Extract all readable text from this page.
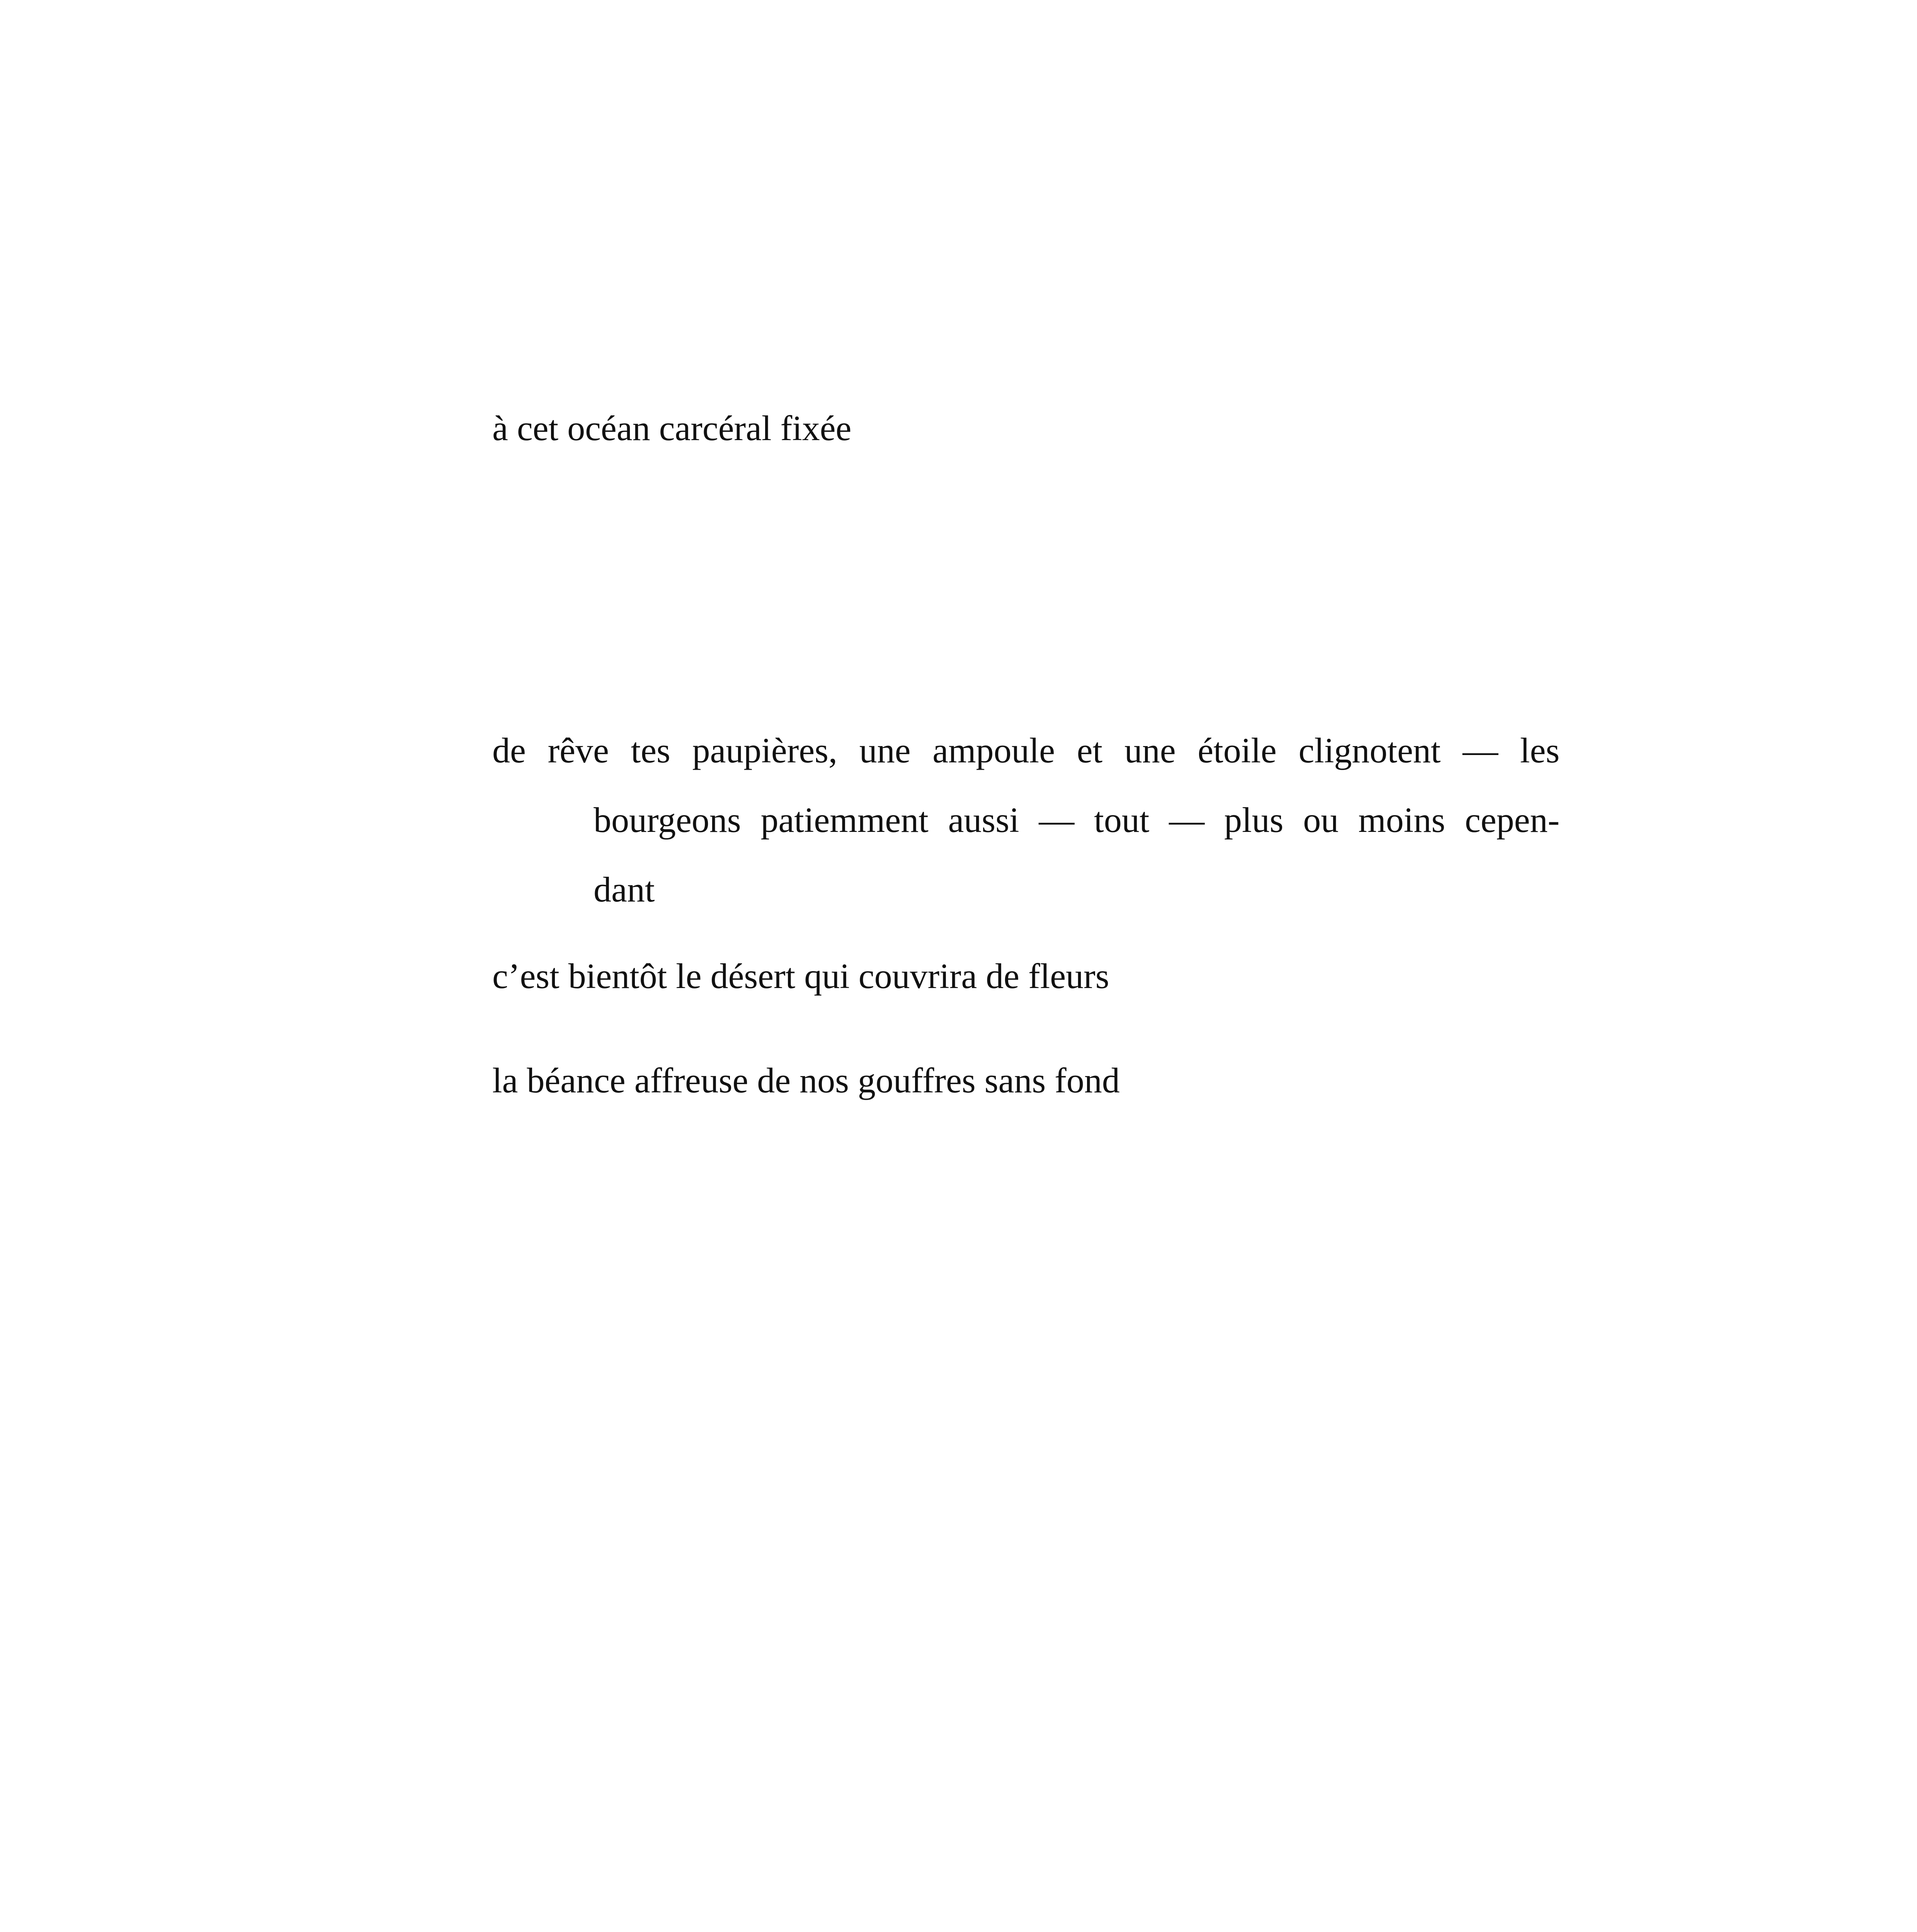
à cet océan carcéral fixée
de rêve tes paupières, une ampoule et une étoile clignotent — les
bourgeons patiemment aussi — tout — plus ou moins cepen-
dant
c’est bientôt le désert qui couvrira de fleurs
la béance affreuse de nos gouffres sans fond
